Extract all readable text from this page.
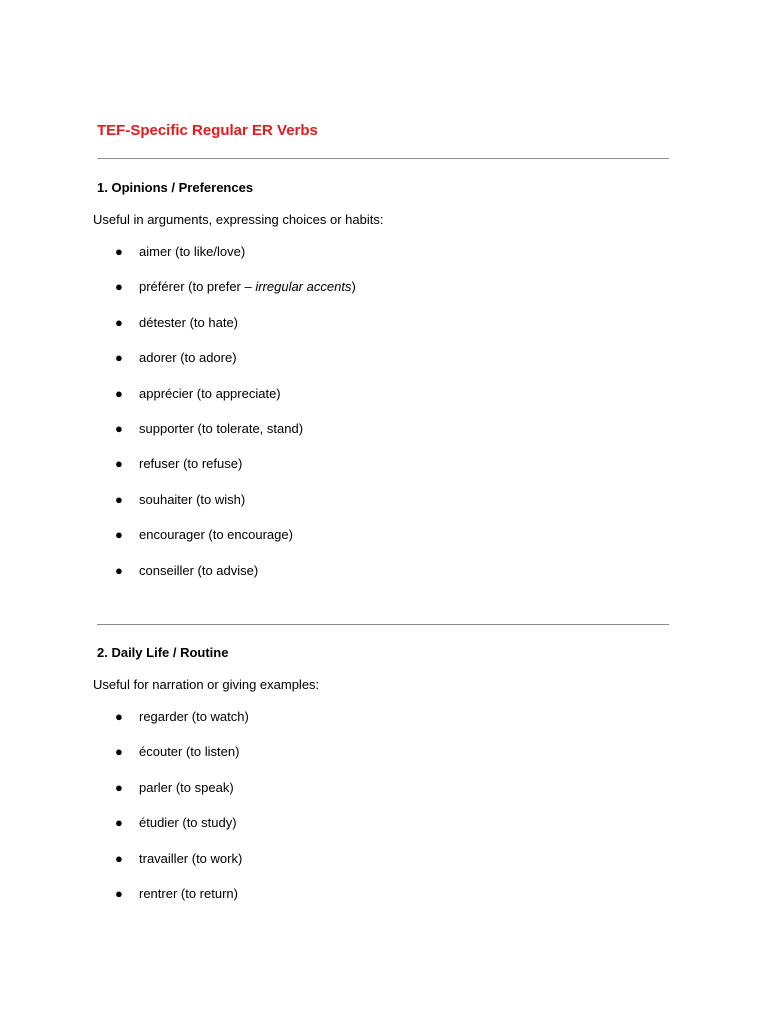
TEF-Specific Regular ER Verbs
1. Opinions / Preferences

Useful in arguments, expressing choices or habits:

● aimer (to like/love)
● préférer (to prefer – irregular accents)
● détester (to hate)
● adorer (to adore)
● apprécier (to appreciate)
● supporter (to tolerate, stand)
● refuser (to refuse)
● souhaiter (to wish)
● encourager (to encourage)
● conseiller (to advise)
2. Daily Life / Routine

Useful for narration or giving examples:

● regarder (to watch)
● écouter (to listen)
● parler (to speak)
● étudier (to study)
● travailler (to work)
● rentrer (to return)
